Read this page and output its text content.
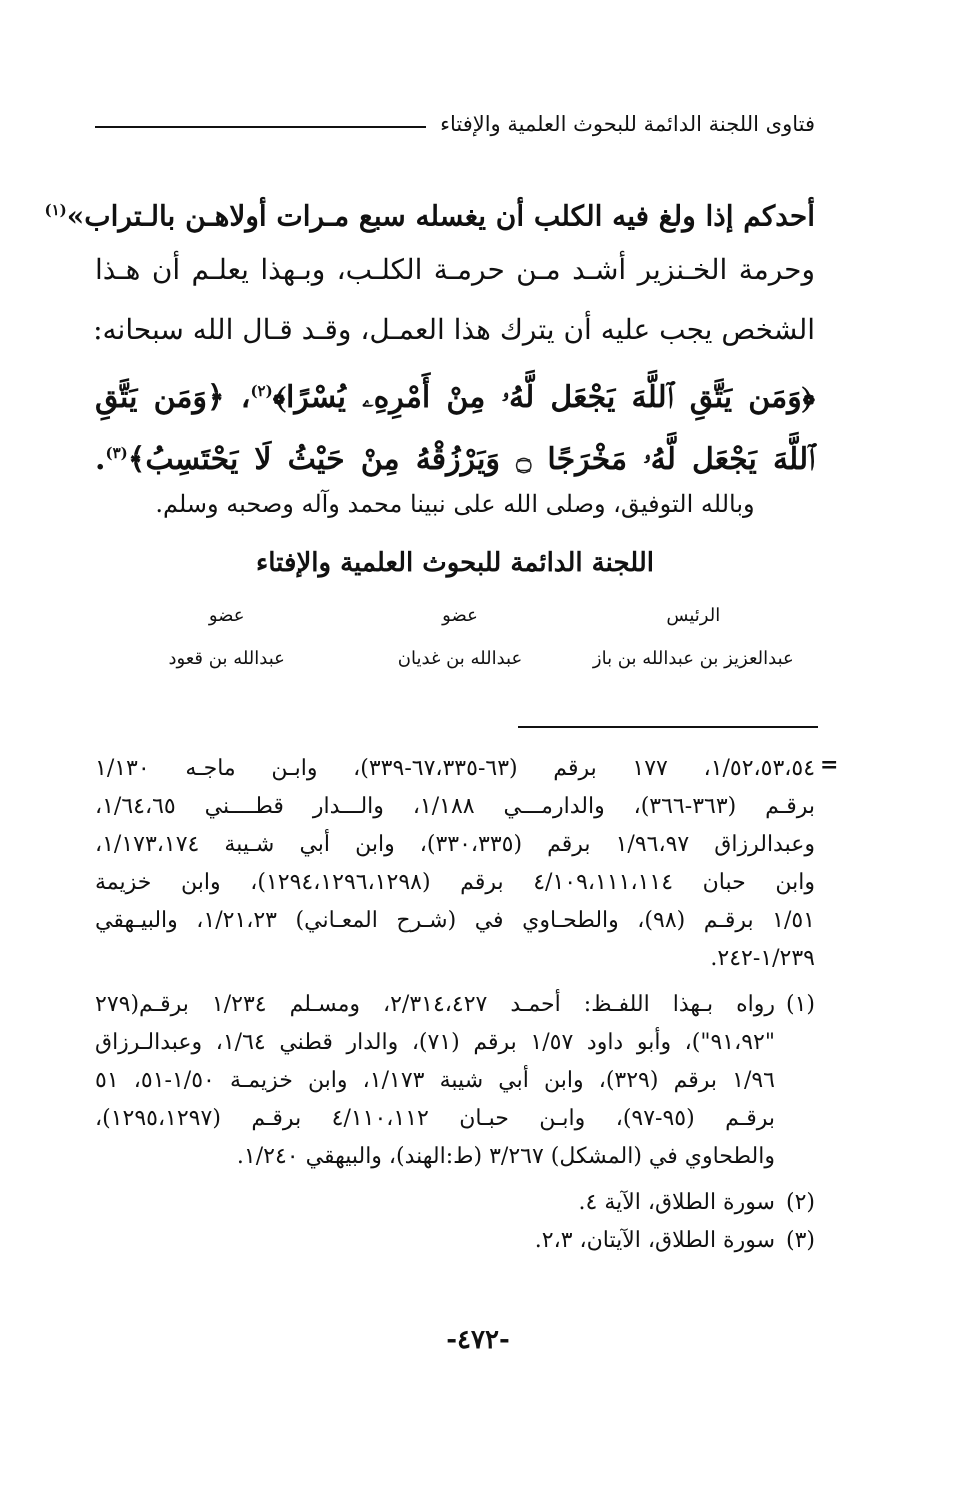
فتاوى اللجنة الدائمة للبحوث العلمية والإفتاء
أحدكم إذا ولغ فيه الكلب أن يغسله سبع مـرات أولاهـن بالـتراب»$^{(١)}$
وحرمة الخـنزير أشـد مـن حرمـة الكلـب، وبـهذا يعلـم أن هـذا
الشخص يجب عليه أن يترك هذا العمـل، وقـد قـال الله سبحانه:
﴿وَمَن يَتَّقِ ٱللَّهَ يَجْعَل لَّهُۥ مِنْ أَمْرِهِۦ يُسْرًا﴾$^{(٢)}$، ﴿وَمَن يَتَّقِ
ٱللَّهَ يَجْعَل لَّهُۥ مَخْرَجًا ۝ وَيَرْزُقْهُ مِنْ حَيْثُ لَا يَحْتَسِبُ﴾$^{(٣)}$.
وبالله التوفيق، وصلى الله على نبينا محمد وآله وصحبه وسلم.
اللجنة الدائمة للبحوث العلمية والإفتاء
الرئيس
عضو
عضو
عبدالعزيز بن عبدالله بن باز
عبدالله بن غديان
عبدالله بن قعود
=
١/٥٢،٥٣،٥٤، ١٧٧ برقم (٦٣-٦٧،٣٣٥-٣٣٩)، وابـن ماجـه ١/١٣٠
برقـم (٣٦٣-٣٦٦)، والدارمـــي ١/١٨٨، والـــدار قطــــني ١/٦٤،٦٥،
وعبدالرزاق ١/٩٦،٩٧ برقم (٣٣٠،٣٣٥)، وابن أبي شـيبة ١/١٧٣،١٧٤،
وابن حبان ٤/١٠٩،١١١،١١٤ برقم (١٢٩٤،١٢٩٦،١٢٩٨)، وابن خزيمة
١/٥١ برقـم (٩٨)، والطحـاوي في (شـرح المعـاني) ١/٢١،٢٣، والبيـهقي
١/٢٣٩-٢٤٢.
(١)رواه بـهذا اللفـظ: أحمـد ٢/٣١٤،٤٢٧، ومسـلم ١/٢٣٤ برقـم(٢٧٩
"٩١،٩٢")، وأبو داود ١/٥٧ برقم (٧١)، والدار قطني ١/٦٤، وعبدالـرزاق
١/٩٦ برقم (٣٢٩)، وابن أبي شيبة ١/١٧٣، وابن خزيمـة ١/٥٠-٥١، ٥١
برقـم (٩٥-٩٧)، وابـن حبـان ٤/١١٠،١١٢ برقـم (١٢٩٥،١٢٩٧)،
والطحاوي في (المشكل) ٣/٢٦٧ (ط:الهند)، والبيهقي ١/٢٤٠.
(٢)سورة الطلاق، الآية ٤.
(٣)سورة الطلاق، الآيتان، ٢،٣.
-٤٧٢-
